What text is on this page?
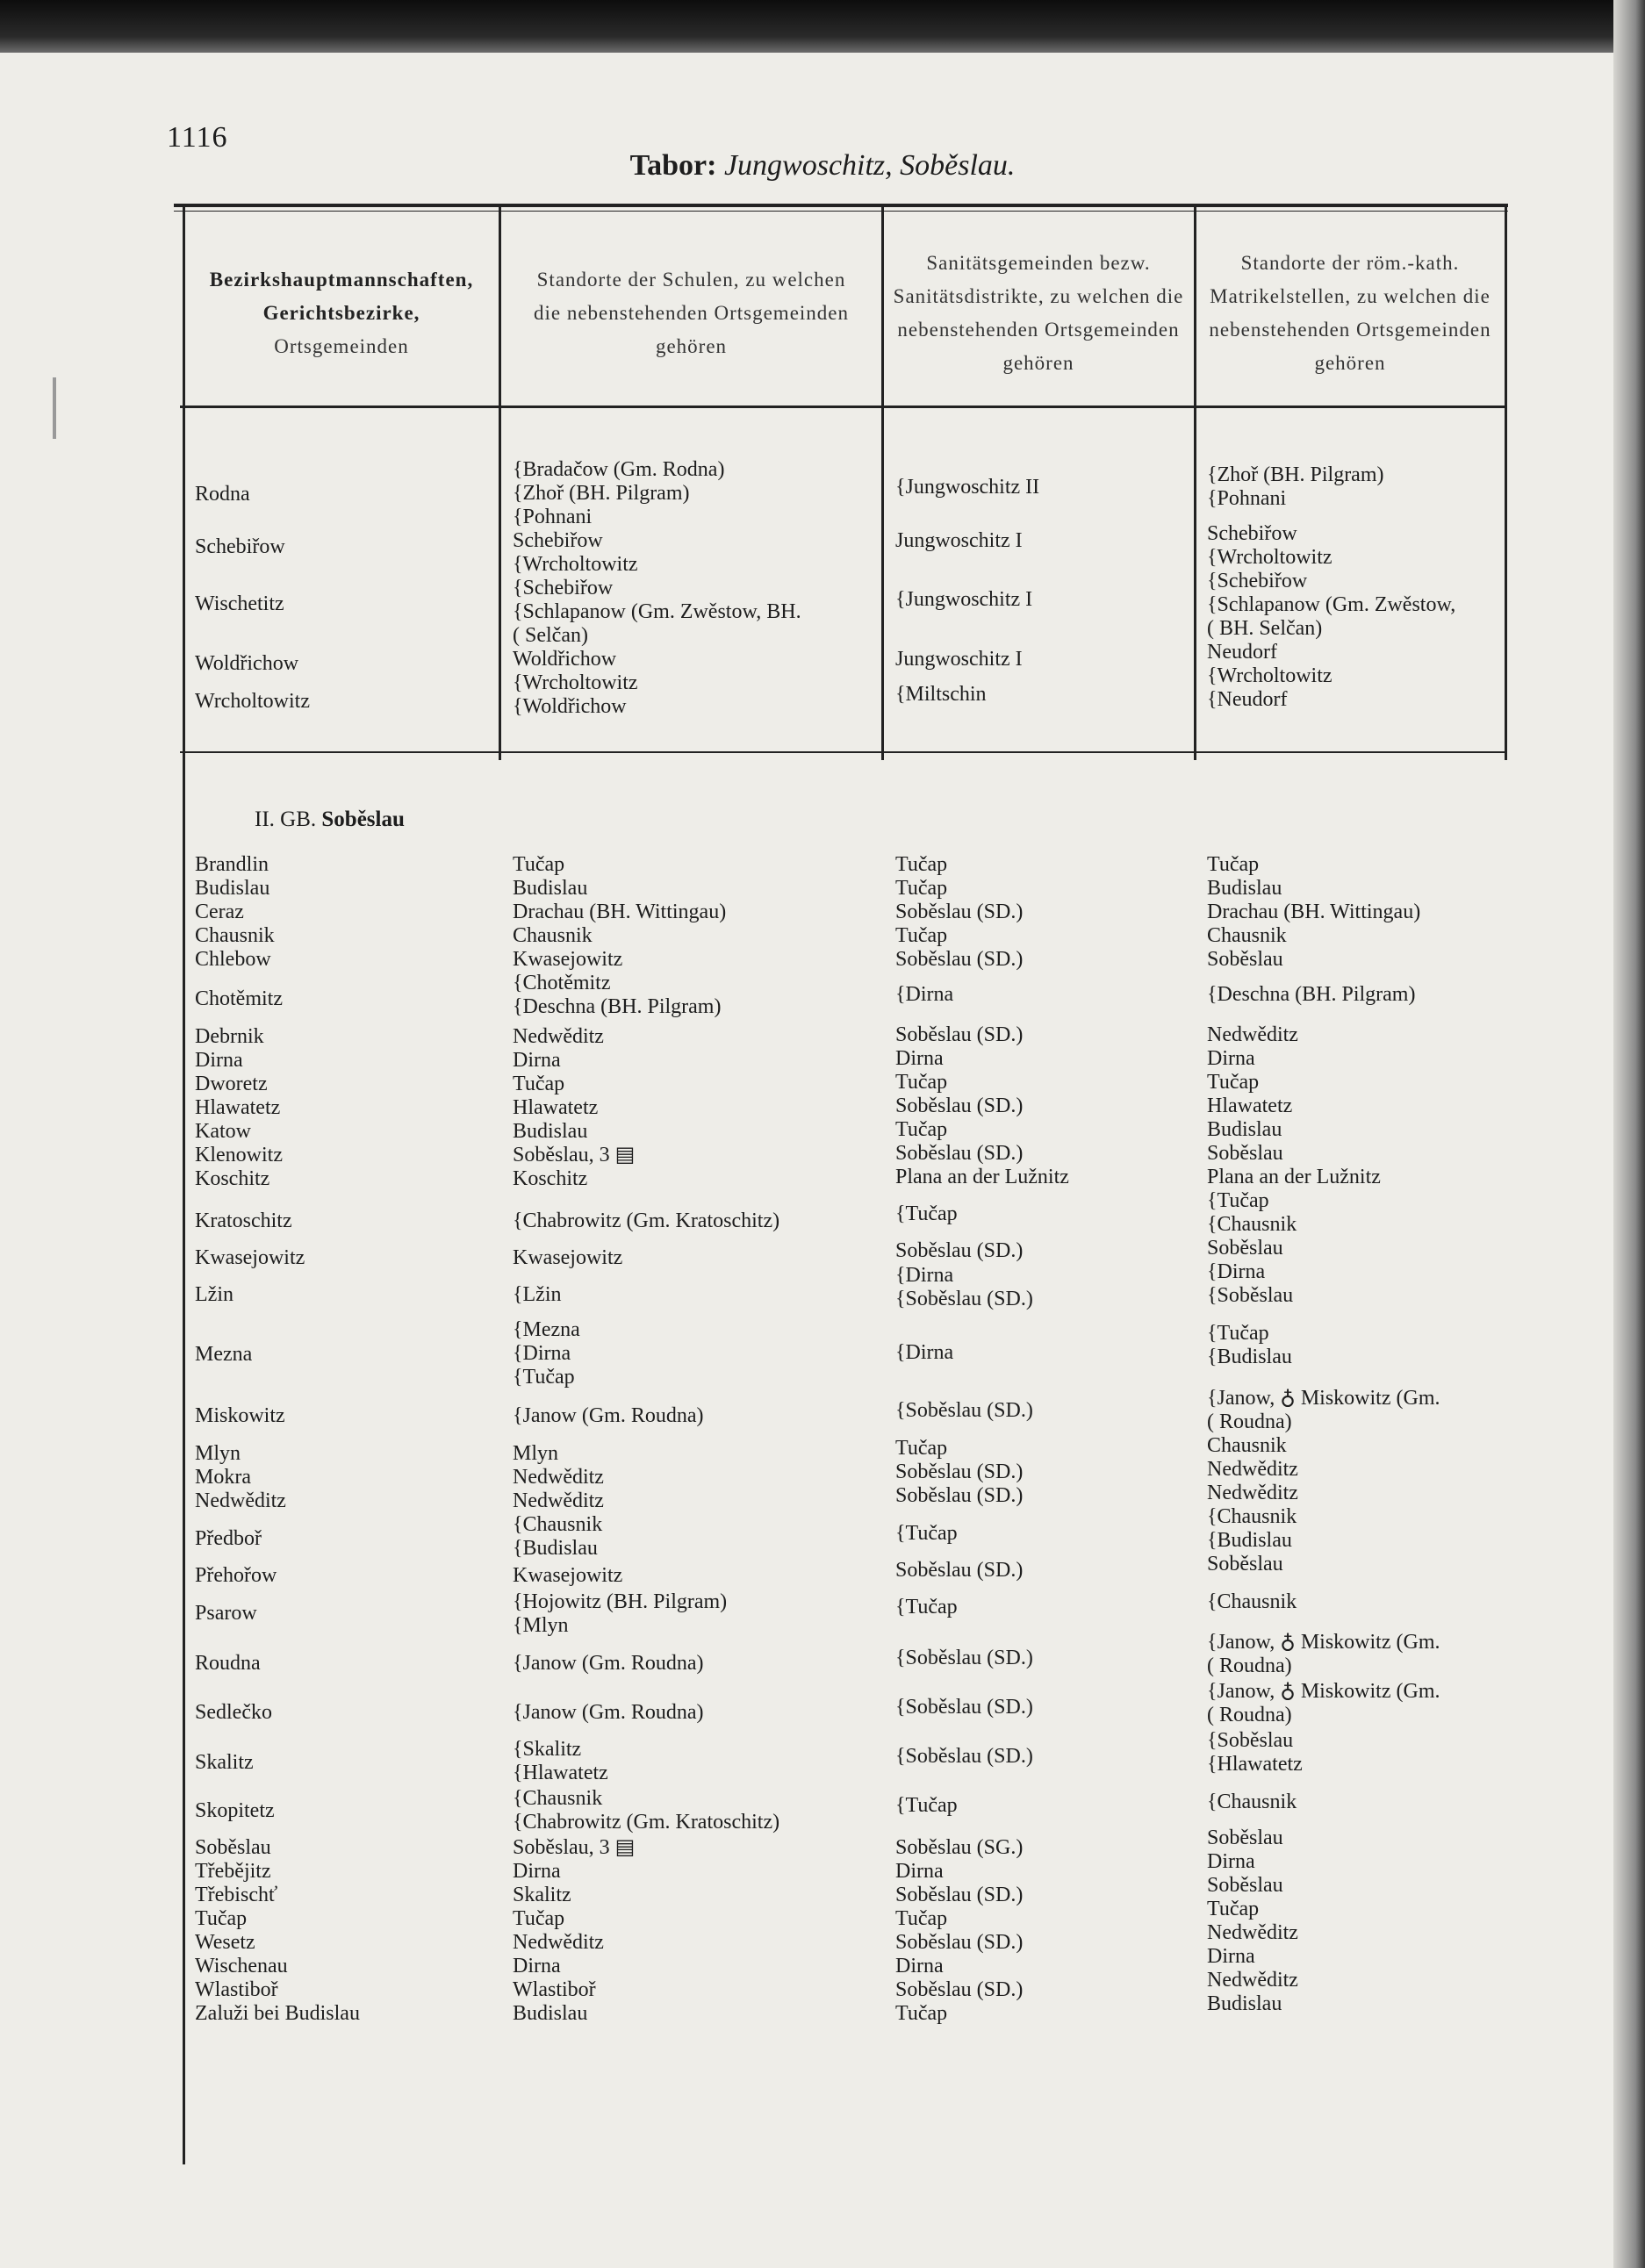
1116
Tabor: Jungwoschitz, Soběslau.
Bezirkshauptmannschaften,
Gerichtsbezirke,
Ortsgemeinden
Standorte der Schulen, zu welchen die nebenstehenden Ortsgemeinden gehören
Sanitätsgemeinden bezw. Sanitätsdistrikte, zu welchen die nebenstehenden Ortsgemeinden gehören
Standorte der röm.-kath. Matrikelstellen, zu welchen die nebenstehenden Ortsgemeinden gehören
Rodna
Schebiřow
Wischetitz
Woldřichow
Wrcholtowitz
{Bradačow (Gm. Rodna)
{Zhoř (BH. Pilgram)
{Pohnani
Schebiřow
{Wrcholtowitz
{Schebiřow
{Schlapanow (Gm. Zwěstow, BH.
( Selčan)
Woldřichow
{Wrcholtowitz
{Woldřichow
{Jungwoschitz II
Jungwoschitz I
{Jungwoschitz I
Jungwoschitz I
{Miltschin
{Zhoř (BH. Pilgram)
{Pohnani
Schebiřow
{Wrcholtowitz
{Schebiřow
{Schlapanow (Gm. Zwěstow,
( BH. Selčan)
Neudorf
{Wrcholtowitz
{Neudorf
II. GB. Soběslau
Brandlin
Budislau
Ceraz
Chausnik
Chlebow
Chotěmitz
Debrnik
Dirna
Dworetz
Hlawatetz
Katow
Klenowitz
Koschitz
Kratoschitz
Kwasejowitz
Lžin
Mezna
Miskowitz
Mlyn
Mokra
Nedwěditz
Předboř
Přehořow
Psarow
Roudna
Sedlečko
Skalitz
Skopitetz
Soběslau
Třebějitz
Třebischť
Tučap
Wesetz
Wischenau
Wlastiboř
Zaluži bei Budislau
Tučap
Budislau
Drachau (BH. Wittingau)
Chausnik
Kwasejowitz
{Chotěmitz
{Deschna (BH. Pilgram)
Nedwěditz
Dirna
Tučap
Hlawatetz
Budislau
Soběslau, 3 ▤
Koschitz
{Chabrowitz (Gm. Kratoschitz)
Kwasejowitz
{Lžin
{Mezna
{Dirna
{Tučap
{Janow (Gm. Roudna)
Mlyn
Nedwěditz
Nedwěditz
{Chausnik
{Budislau
Kwasejowitz
{Hojowitz (BH. Pilgram)
{Mlyn
{Janow (Gm. Roudna)
{Janow (Gm. Roudna)
{Skalitz
{Hlawatetz
{Chausnik
{Chabrowitz (Gm. Kratoschitz)
Soběslau, 3 ▤
Dirna
Skalitz
Tučap
Nedwěditz
Dirna
Wlastiboř
Budislau
Tučap
Tučap
Soběslau (SD.)
Tučap
Soběslau (SD.)
{Dirna
Soběslau (SD.)
Dirna
Tučap
Soběslau (SD.)
Tučap
Soběslau (SD.)
Plana an der Lužnitz
{Tučap
Soběslau (SD.)
{Dirna
{Soběslau (SD.)
{Dirna
{Soběslau (SD.)
Tučap
Soběslau (SD.)
Soběslau (SD.)
{Tučap
Soběslau (SD.)
{Tučap
{Soběslau (SD.)
{Soběslau (SD.)
{Soběslau (SD.)
{Tučap
Soběslau (SG.)
Dirna
Soběslau (SD.)
Tučap
Soběslau (SD.)
Dirna
Soběslau (SD.)
Tučap
Tučap
Budislau
Drachau (BH. Wittingau)
Chausnik
Soběslau
{Deschna (BH. Pilgram)
Nedwěditz
Dirna
Tučap
Hlawatetz
Budislau
Soběslau
Plana an der Lužnitz
{Tučap
{Chausnik
Soběslau
{Dirna
{Soběslau
{Tučap
{Budislau
{Janow, ♁ Miskowitz (Gm.
( Roudna)
Chausnik
Nedwěditz
Nedwěditz
{Chausnik
{Budislau
Soběslau
{Chausnik
{Janow, ♁ Miskowitz (Gm.
( Roudna)
{Janow, ♁ Miskowitz (Gm.
( Roudna)
{Soběslau
{Hlawatetz
{Chausnik
Soběslau
Dirna
Soběslau
Tučap
Nedwěditz
Dirna
Nedwěditz
Budislau
